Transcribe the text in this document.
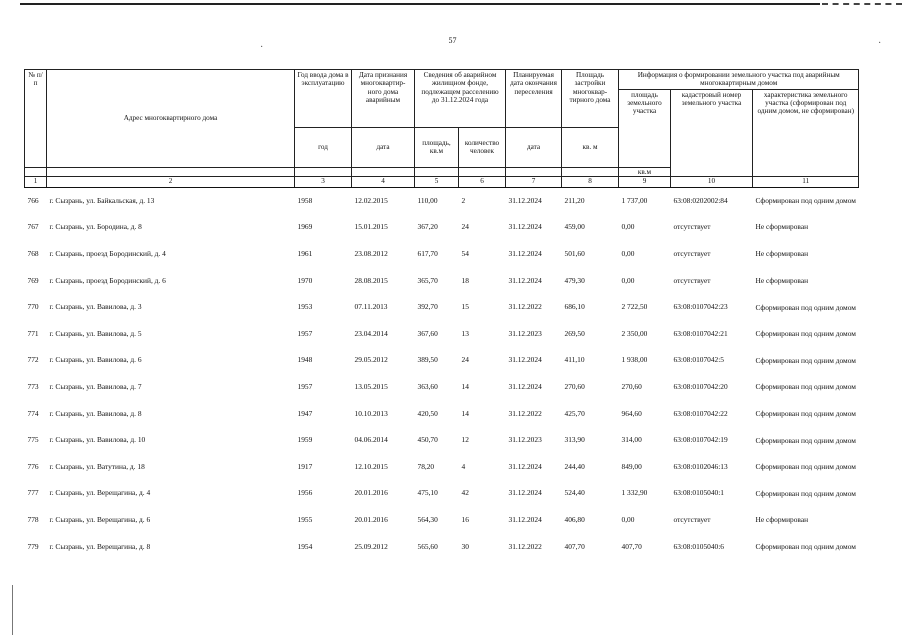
57
·	·
№ п/п	Адрес многоквартирного дома	Год ввода дома в эксплуатацию	Дата признания многоквартир-ного дома аварийным	Сведения об аварийном жилищном фонде, подлежащем расселению до 31.12.2024 года		Планируемая дата окончания переселения	Площадь застройки многоквар-тирного дома	Информация о формировании земельного участка под аварийным многоквартирным домом		
								площадь земельного участка	кадастровый номер земельного участка	характеристика земельного участка (сформирован под одним домом, не сформирован)
		год	дата	площадь, кв.м	количество человек	дата	кв. м			
								кв.м		
1	2	3	4	5	6	7	8	9	10	11
766	г. Сызрань, ул. Байкальская, д. 13	1958	12.02.2015	110,00	2	31.12.2024	211,20	1 737,00	63:08:0202002:84	Сформирован под одним домом
767	г. Сызрань, ул. Бородина, д. 8	1969	15.01.2015	367,20	24	31.12.2024	459,00	0,00	отсутствует	Не сформирован
768	г. Сызрань, проезд Бородинский, д. 4	1961	23.08.2012	617,70	54	31.12.2024	501,60	0,00	отсутствует	Не сформирован
769	г. Сызрань, проезд Бородинский, д. 6	1970	28.08.2015	365,70	18	31.12.2024	479,30	0,00	отсутствует	Не сформирован
770	г. Сызрань, ул. Вавилова, д. 3	1953	07.11.2013	392,70	15	31.12.2022	686,10	2 722,50	63:08:0107042:23	Сформирован под одним домом
771	г. Сызрань, ул. Вавилова, д. 5	1957	23.04.2014	367,60	13	31.12.2023	269,50	2 350,00	63:08:0107042:21	Сформирован под одним домом
772	г. Сызрань, ул. Вавилова, д. 6	1948	29.05.2012	389,50	24	31.12.2024	411,10	1 938,00	63:08:0107042:5	Сформирован под одним домом
773	г. Сызрань, ул. Вавилова, д. 7	1957	13.05.2015	363,60	14	31.12.2024	270,60	270,60	63:08:0107042:20	Сформирован под одним домом
774	г. Сызрань, ул. Вавилова, д. 8	1947	10.10.2013	420,50	14	31.12.2022	425,70	964,60	63:08:0107042:22	Сформирован под одним домом
775	г. Сызрань, ул. Вавилова, д. 10	1959	04.06.2014	450,70	12	31.12.2023	313,90	314,00	63:08:0107042:19	Сформирован под одним домом
776	г. Сызрань, ул. Ватутина, д. 18	1917	12.10.2015	78,20	4	31.12.2024	244,40	849,00	63:08:0102046:13	Сформирован под одним домом
777	г. Сызрань, ул. Верещагина, д. 4	1956	20.01.2016	475,10	42	31.12.2024	524,40	1 332,90	63:08:0105040:1	Сформирован под одним домом
778	г. Сызрань, ул. Верещагина, д. 6	1955	20.01.2016	564,30	16	31.12.2024	406,80	0,00	отсутствует	Не сформирован
779	г. Сызрань, ул. Верещагина, д. 8	1954	25.09.2012	565,60	30	31.12.2022	407,70	407,70	63:08:0105040:6	Сформирован под одним домом
